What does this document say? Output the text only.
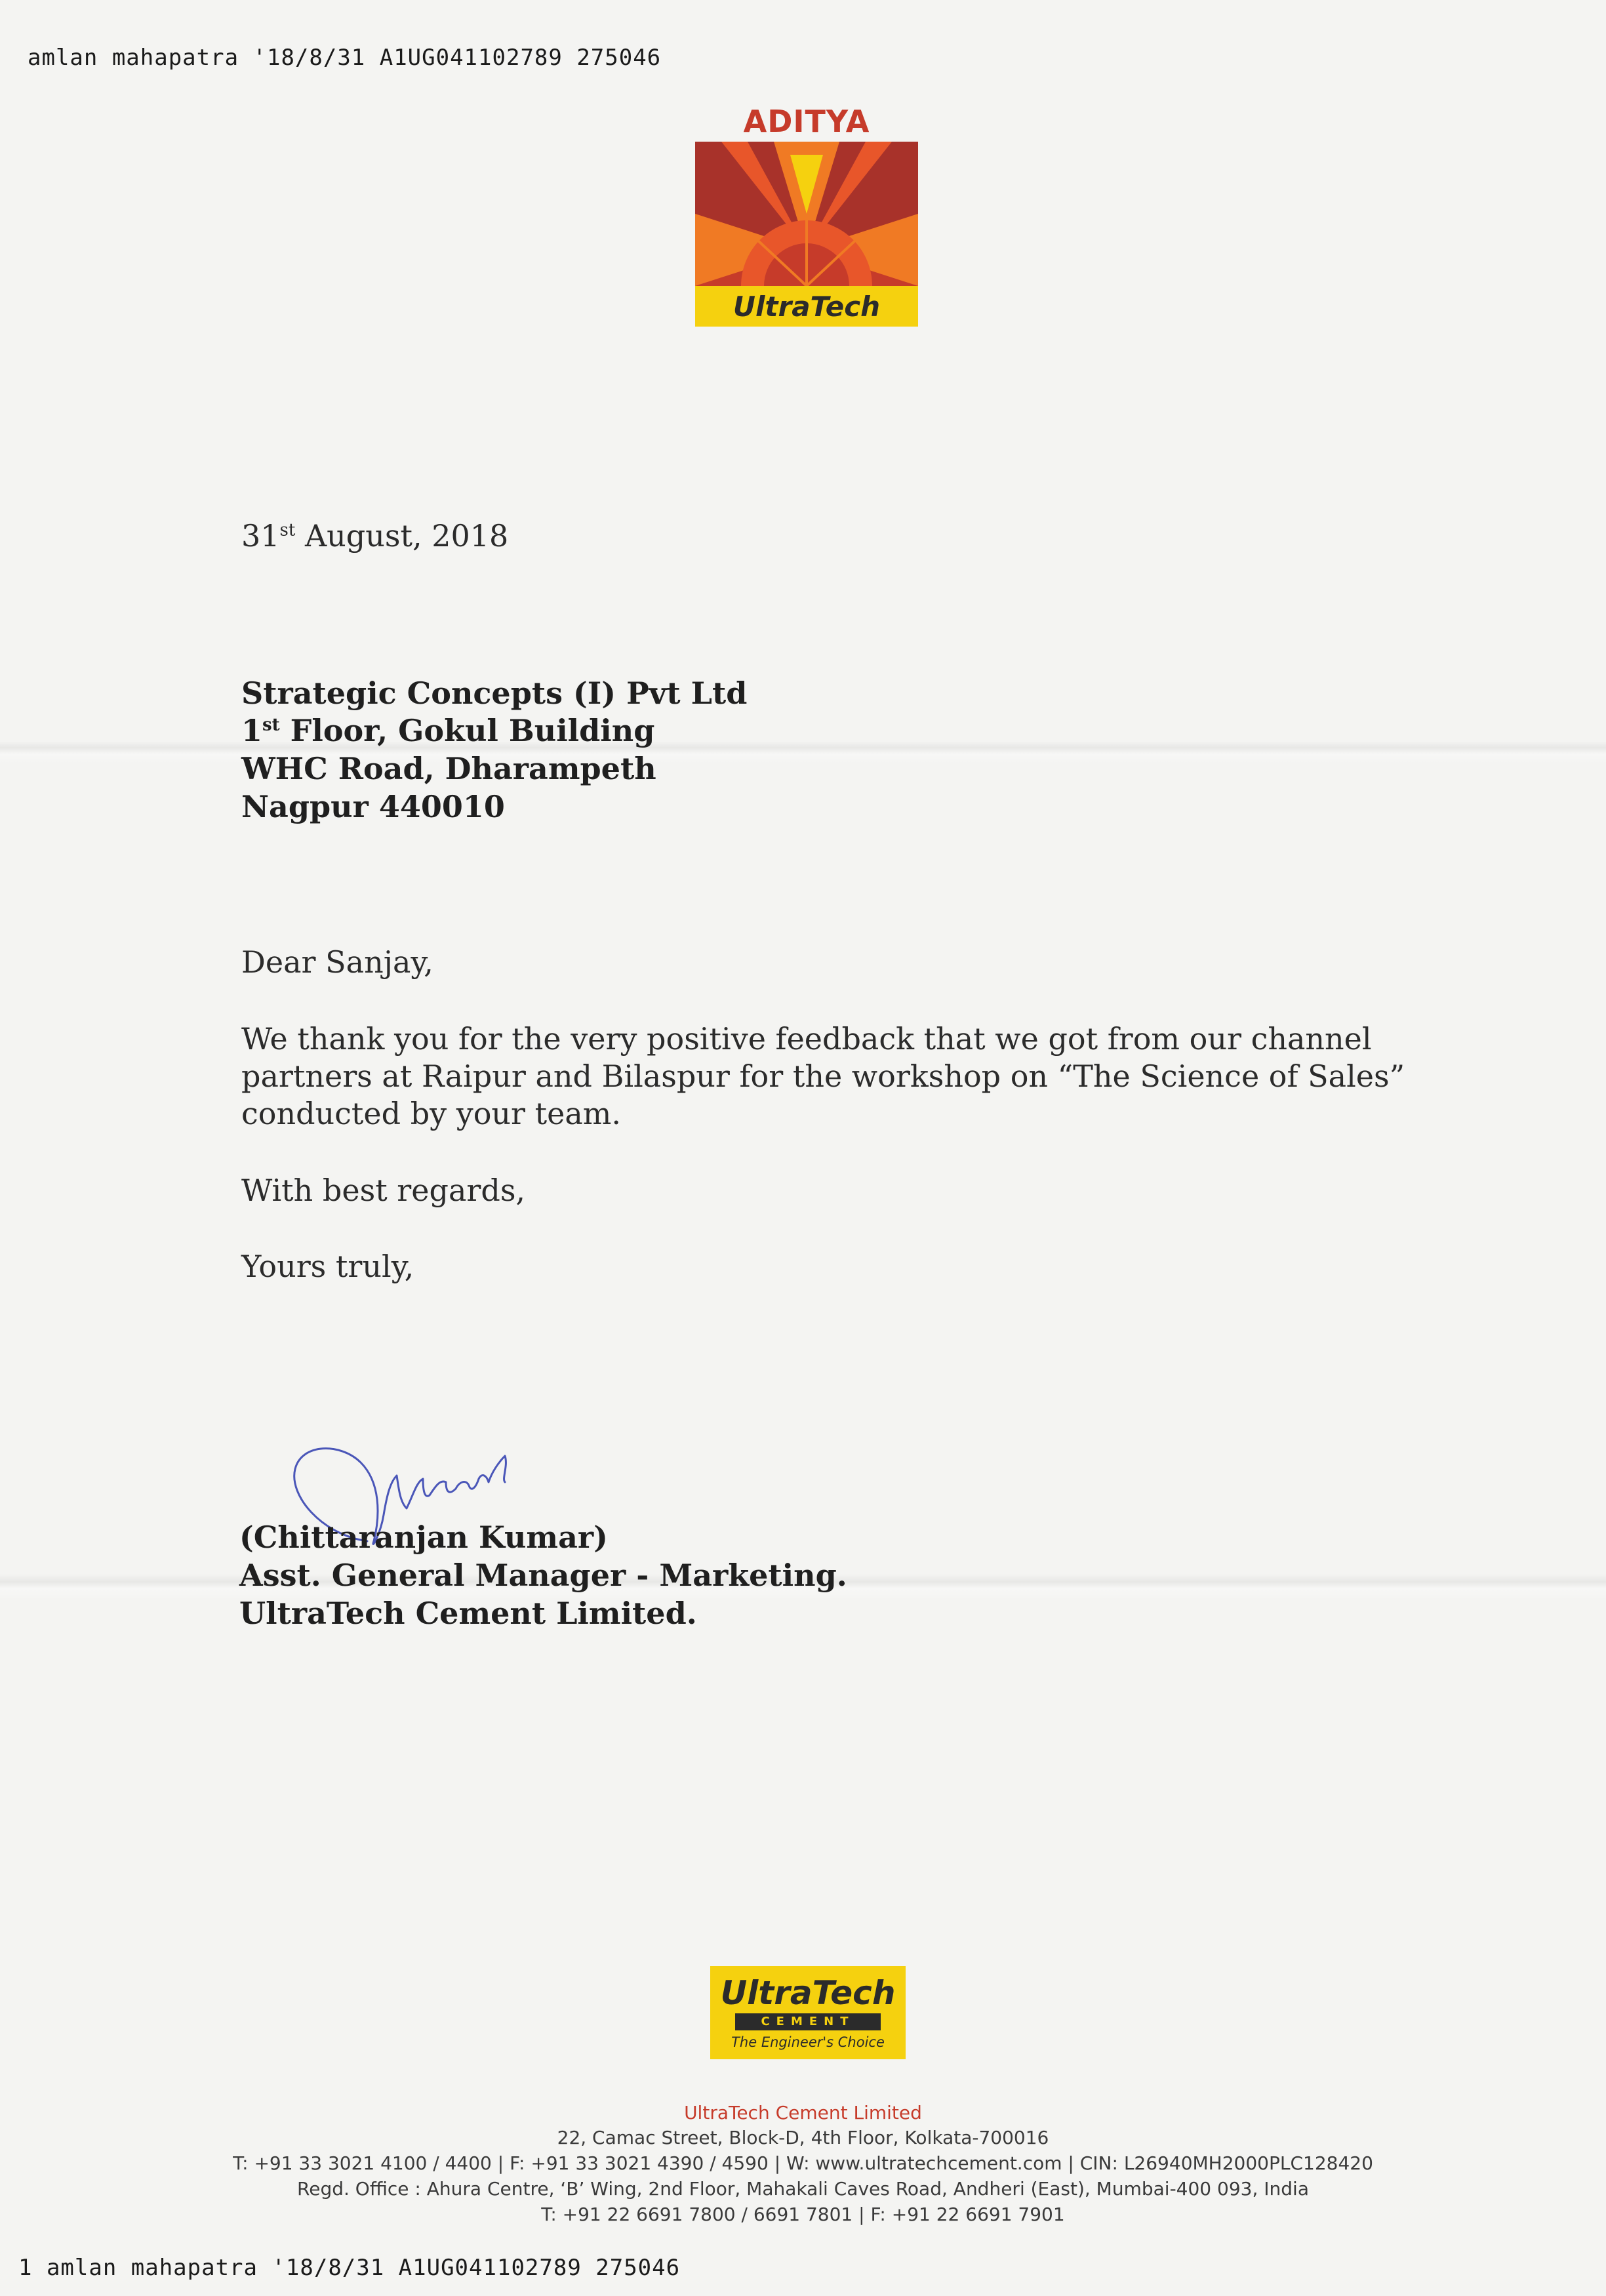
amlan mahapatra '18/8/31 A1UG041102789 275046
ADITYA
UltraTech
31st August, 2018
Strategic Concepts (I) Pvt Ltd
1st Floor, Gokul Building
WHC Road, Dharampeth
Nagpur 440010
Dear Sanjay,
We thank you for the very positive feedback that we got from our channel
partners at Raipur and Bilaspur for the workshop on “The Science of Sales”
conducted by your team.
With best regards,
Yours truly,
(Chittaranjan Kumar)
Asst. General Manager - Marketing.
UltraTech Cement Limited.
UltraTech
CEMENT
The Engineer's Choice
UltraTech Cement Limited
22, Camac Street, Block-D, 4th Floor, Kolkata-700016
T: +91 33 3021 4100 / 4400 | F: +91 33 3021 4390 / 4590 | W: www.ultratechcement.com | CIN: L26940MH2000PLC128420
Regd. Office : Ahura Centre, ‘B’ Wing, 2nd Floor, Mahakali Caves Road, Andheri (East), Mumbai-400 093, India
T: +91 22 6691 7800 / 6691 7801 | F: +91 22 6691 7901
1 amlan mahapatra '18/8/31 A1UG041102789 275046
